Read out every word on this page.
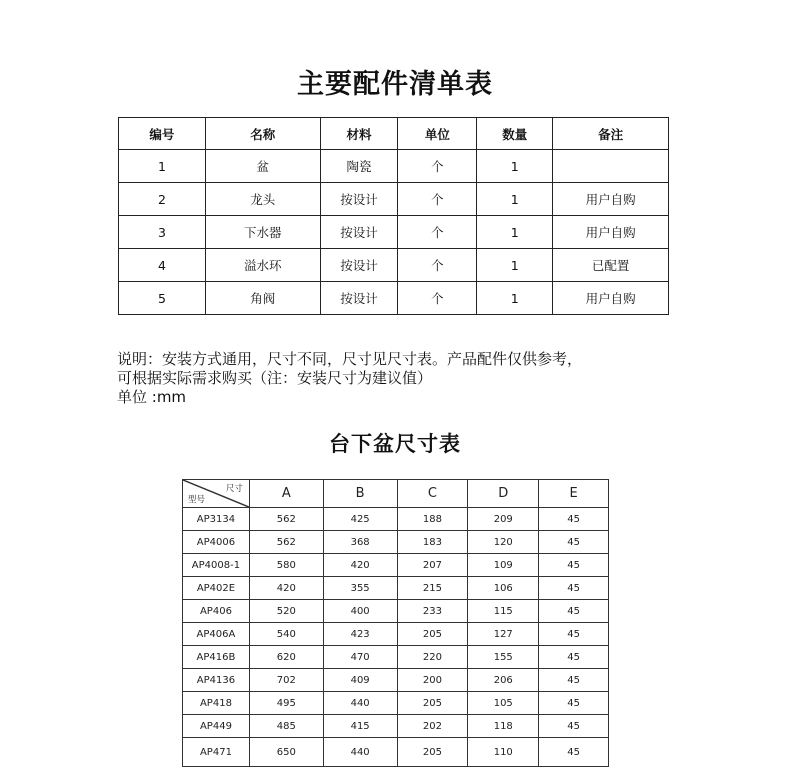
主要配件清单表
编号	名称	材料	单位	数量	备注
1	盆	陶瓷	个	1	
2	龙头	按设计	个	1	用户自购
3	下水器	按设计	个	1	用户自购
4	溢水环	按设计	个	1	已配置
5	角阀	按设计	个	1	用户自购
说明：安装方式通用，尺寸不同，尺寸见尺寸表。产品配件仅供参考，
可根据实际需求购买（注：安装尺寸为建议值）
单位 :mm
台下盆尺寸表
尺寸
型号	A	B	C	D	E
AP3134	562	425	188	209	45
AP4006	562	368	183	120	45
AP4008-1	580	420	207	109	45
AP402E	420	355	215	106	45
AP406	520	400	233	115	45
AP406A	540	423	205	127	45
AP416B	620	470	220	155	45
AP4136	702	409	200	206	45
AP418	495	440	205	105	45
AP449	485	415	202	118	45
AP471	650	440	205	110	45
